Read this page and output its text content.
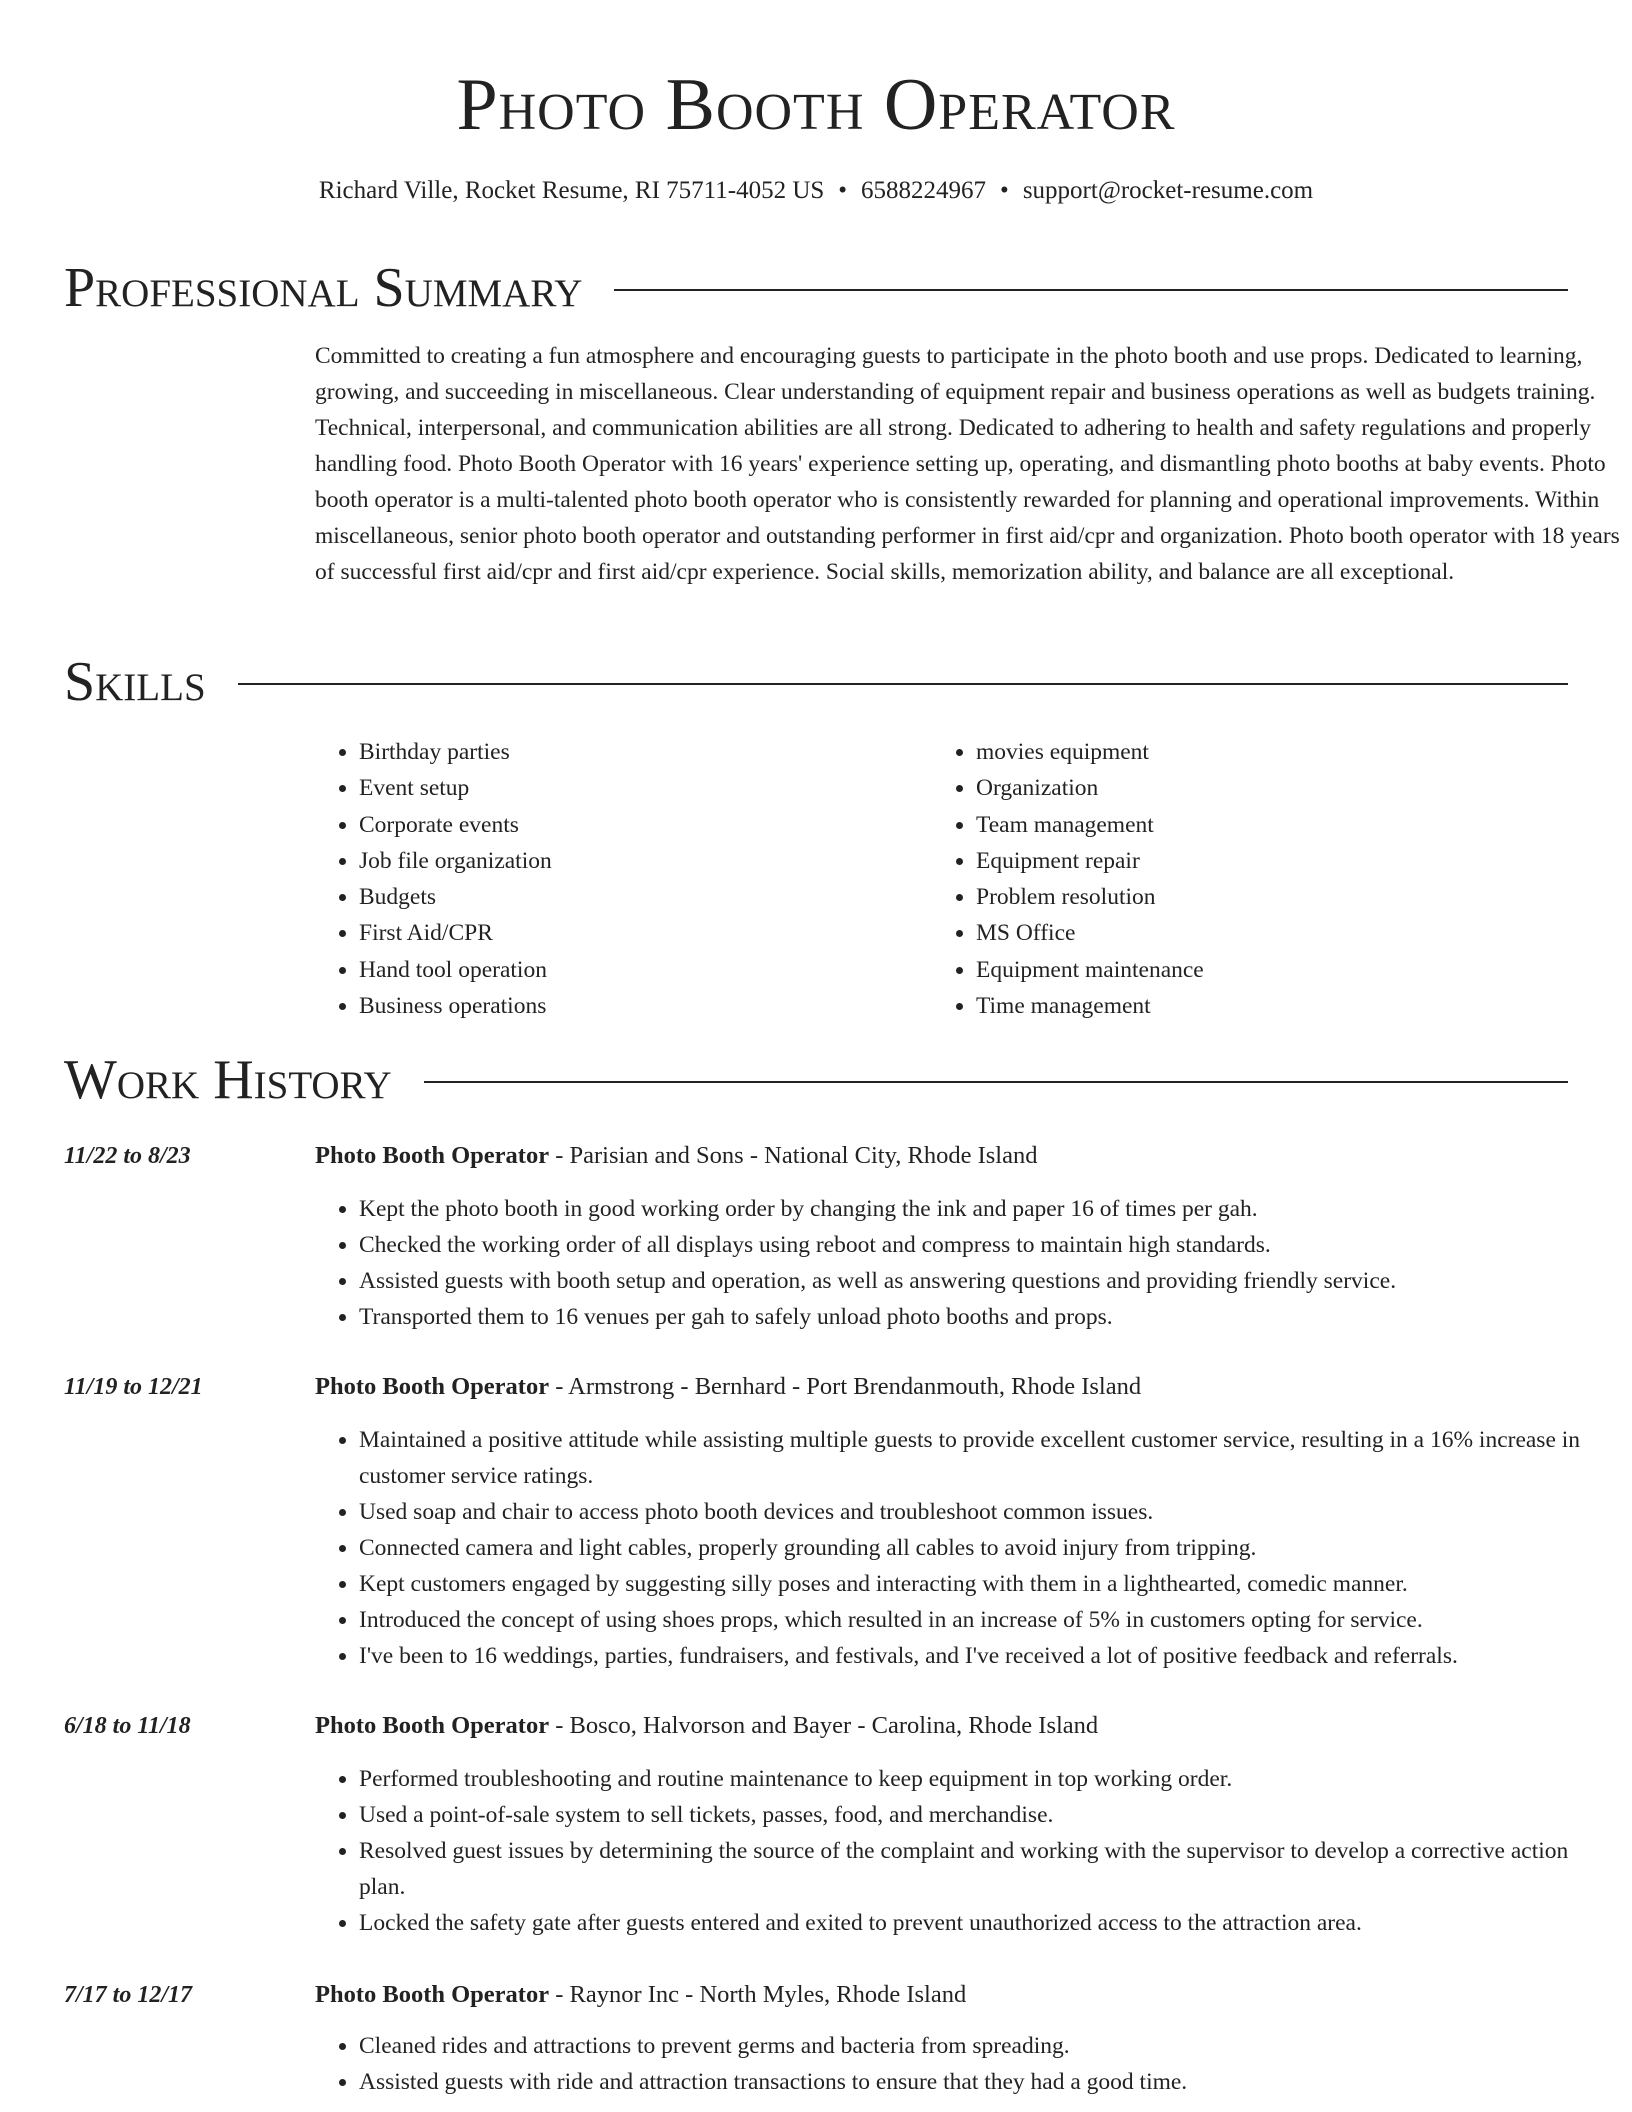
Photo Booth Operator
Richard Ville, Rocket Resume, RI 75711-4052 US • 6588224967 • support@rocket-resume.com
Professional Summary

Committed to creating a fun atmosphere and encouraging guests to participate in the photo booth and use props. Dedicated to learning, growing, and succeeding in miscellaneous. Clear understanding of equipment repair and business operations as well as budgets training. Technical, interpersonal, and communication abilities are all strong. Dedicated to adhering to health and safety regulations and properly handling food. Photo Booth Operator with 16 years' experience setting up, operating, and dismantling photo booths at baby events. Photo booth operator is a multi-talented photo booth operator who is consistently rewarded for planning and operational improvements. Within miscellaneous, senior photo booth operator and outstanding performer in first aid/cpr and organization. Photo booth operator with 18 years of successful first aid/cpr and first aid/cpr experience. Social skills, memorization ability, and balance are all exceptional.

Skills
• Birthday parties
• Event setup
• Corporate events
• Job file organization
• Budgets
• First Aid/CPR
• Hand tool operation
• Business operations
• movies equipment
• Organization
• Team management
• Equipment repair
• Problem resolution
• MS Office
• Equipment maintenance
• Time management
Work History
11/22 to 8/23	Photo Booth Operator - Parisian and Sons - National City, Rhode Island
• Kept the photo booth in good working order by changing the ink and paper 16 of times per gah.
• Checked the working order of all displays using reboot and compress to maintain high standards.
• Assisted guests with booth setup and operation, as well as answering questions and providing friendly service.
• Transported them to 16 venues per gah to safely unload photo booths and props.
11/19 to 12/21	Photo Booth Operator - Armstrong - Bernhard - Port Brendanmouth, Rhode Island
• Maintained a positive attitude while assisting multiple guests to provide excellent customer service, resulting in a 16% increase in customer service ratings.
• Used soap and chair to access photo booth devices and troubleshoot common issues.
• Connected camera and light cables, properly grounding all cables to avoid injury from tripping.
• Kept customers engaged by suggesting silly poses and interacting with them in a lighthearted, comedic manner.
• Introduced the concept of using shoes props, which resulted in an increase of 5% in customers opting for service.
• I've been to 16 weddings, parties, fundraisers, and festivals, and I've received a lot of positive feedback and referrals.
6/18 to 11/18	Photo Booth Operator - Bosco, Halvorson and Bayer - Carolina, Rhode Island
• Performed troubleshooting and routine maintenance to keep equipment in top working order.
• Used a point-of-sale system to sell tickets, passes, food, and merchandise.
• Resolved guest issues by determining the source of the complaint and working with the supervisor to develop a corrective action plan.
• Locked the safety gate after guests entered and exited to prevent unauthorized access to the attraction area.
7/17 to 12/17	Photo Booth Operator - Raynor Inc - North Myles, Rhode Island
• Cleaned rides and attractions to prevent germs and bacteria from spreading.
• Assisted guests with ride and attraction transactions to ensure that they had a good time.
